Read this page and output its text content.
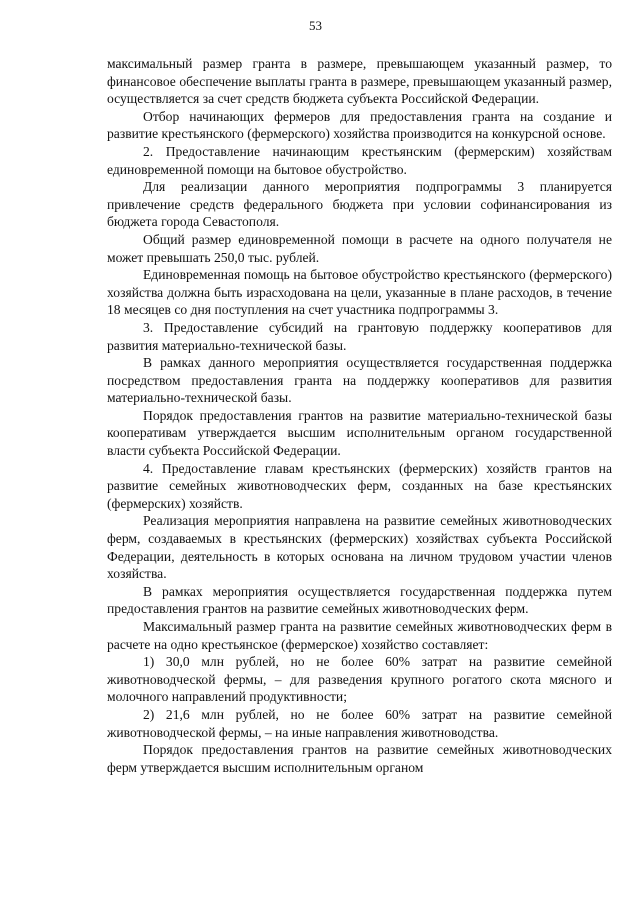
53

максимальный размер гранта в размере, превышающем указанный размер, то финансовое обеспечение выплаты гранта в размере, превышающем указанный размер, осуществляется за счет средств бюджета субъекта Российской Федерации.

Отбор начинающих фермеров для предоставления гранта на создание и развитие крестьянского (фермерского) хозяйства производится на конкурсной основе.

2. Предоставление начинающим крестьянским (фермерским) хозяйствам единовременной помощи на бытовое обустройство.

Для реализации данного мероприятия подпрограммы 3 планируется привлечение средств федерального бюджета при условии софинансирования из бюджета города Севастополя.

Общий размер единовременной помощи в расчете на одного получателя не может превышать 250,0 тыс. рублей.

Единовременная помощь на бытовое обустройство крестьянского (фермерского) хозяйства должна быть израсходована на цели, указанные в плане расходов, в течение 18 месяцев со дня поступления на счет участника подпрограммы 3.

3. Предоставление субсидий на грантовую поддержку кооперативов для развития материально-технической базы.

В рамках данного мероприятия осуществляется государственная поддержка посредством предоставления гранта на поддержку кооперативов для развития материально-технической базы.

Порядок предоставления грантов на развитие материально-технической базы кооперативам утверждается высшим исполнительным органом государственной власти субъекта Российской Федерации.

4. Предоставление главам крестьянских (фермерских) хозяйств грантов на развитие семейных животноводческих ферм, созданных на базе крестьянских (фермерских) хозяйств.

Реализация мероприятия направлена на развитие семейных животноводческих ферм, создаваемых в крестьянских (фермерских) хозяйствах субъекта Российской Федерации, деятельность в которых основана на личном трудовом участии членов хозяйства.

В рамках мероприятия осуществляется государственная поддержка путем предоставления грантов на развитие семейных животноводческих ферм.

Максимальный размер гранта на развитие семейных животноводческих ферм в расчете на одно крестьянское (фермерское) хозяйство составляет:

1) 30,0 млн рублей, но не более 60% затрат на развитие семейной животноводческой фермы, – для разведения крупного рогатого скота мясного и молочного направлений продуктивности;

2) 21,6 млн рублей, но не более 60% затрат на развитие семейной животноводческой фермы, – на иные направления животноводства.

Порядок предоставления грантов на развитие семейных животноводческих ферм утверждается высшим исполнительным органом
